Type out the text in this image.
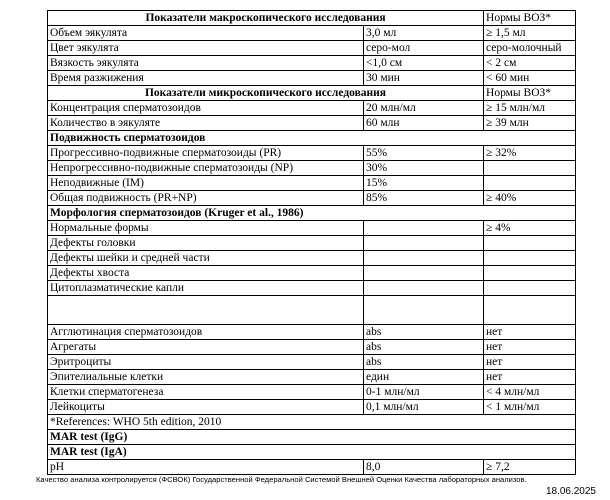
Показатели макроскопического исследования		Нормы ВОЗ*
Объем эякулята	3,0 мл	≥ 1,5 мл
Цвет эякулята	серо-мол	серо-молочный
Вязкость эякулята	<1,0 см	< 2 см
Время разжижения	30 мин	< 60 мин
Показатели микроскопического исследования		Нормы ВОЗ*
Концентрация сперматозоидов	20 млн/мл	≥ 15 млн/мл
Количество в эякуляте	60 млн	≥ 39 млн
Подвижность сперматозоидов		
Прогрессивно-подвижные сперматозоиды (PR)	55%	≥ 32%
Непрогрессивно-подвижные сперматозоиды (NP)	30%	
Неподвижные (IM)	15%	
Общая подвижность (PR+NP)	85%	≥ 40%
Морфология сперматозоидов (Kruger et al., 1986)		
Нормальные формы		≥ 4%
Дефекты головки		
Дефекты шейки и средней части		
Дефекты хвоста		
Цитоплазматические капли		

Агглютинация сперматозоидов	abs	нет
Агрегаты	abs	нет
Эритроциты	abs	нет
Эпителиальные клетки	един	нет
Клетки сперматогенеза	0-1 млн/мл	< 4 млн/мл
Лейкоциты	0,1 млн/мл	< 1 млн/мл
*References: WHO 5th edition, 2010		
MAR test (IgG)		
MAR test (IgA)		
pH	8,0	≥ 7,2
Качество анализа контролируется (ФСВОК) Государственной Федеральной Системой Внешней Оценки Качества лабораторных анализов.
18.06.2025
